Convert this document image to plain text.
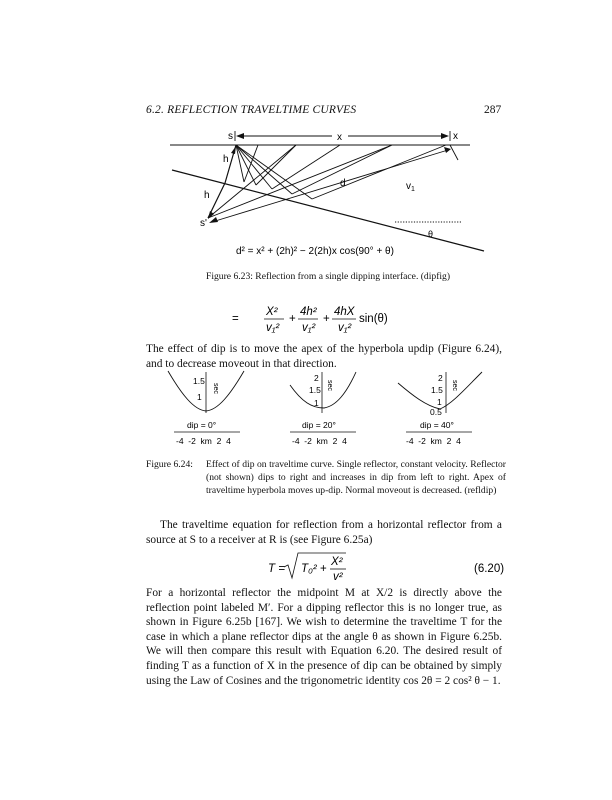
6.2. REFLECTION TRAVELTIME CURVES	287
s	x	x
θ
d
h
h
s'
$v_1$
d² = x² + (2h)² − 2(2h)x cos(90° + θ)
Figure 6.23: Reflection from a single dipping interface. (dipfig)
=
X²
v₁²
+
4h²
v₁²
+
4hX
v₁²
sin(θ)
The effect of dip is to move the apex of the hyperbola updip (Figure 6.24), and to decrease moveout in that direction.
1.5
1
sec
dip = 0°
-4  -2  km  2  4
2
1.5
1
sec
dip = 20°
-4  -2  km  2  4
2
1.5
1
0.5
sec
dip = 40°
-4  -2  km  2  4
Figure 6.24: Effect of dip on traveltime curve. Single reflector, constant velocity. Reflector (not shown) dips to right and increases in dip from left to right. Apex of traveltime hyperbola moves up-dip. Normal moveout is decreased. (refldip)
The traveltime equation for reflection from a horizontal reflector from a source at S to a receiver at R is (see Figure 6.25a)
T = T₀² +
X²
v²
(6.20)
For a horizontal reflector the midpoint M at X/2 is directly above the reflection point labeled M′. For a dipping reflector this is no longer true, as shown in Figure 6.25b [167]. We wish to determine the traveltime T for the case in which a plane reflector dips at the angle θ as shown in Figure 6.25b. We will then compare this result with Equation 6.20. The desired result of finding T as a function of X in the presence of dip can be obtained by simply using the Law of Cosines and the trigonometric identity cos 2θ = 2 cos² θ − 1.
